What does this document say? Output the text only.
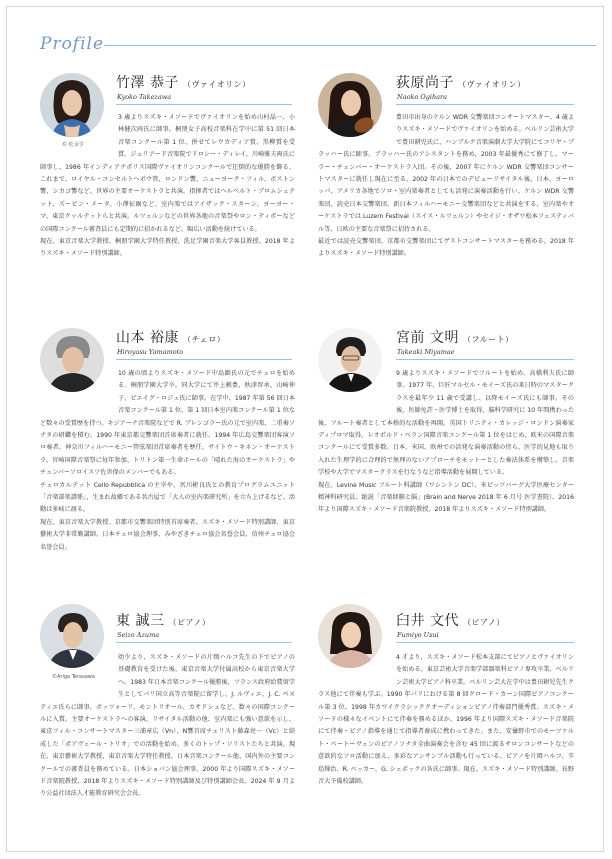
Profile
© 松永学
竹澤 恭子 （ヴァイオリン）
Kyoko Takezawa

3 歳よりスズキ・メソードでヴァイオリンを始め山村晶一、小林健次両氏に師事。桐朋女子高校音楽科在学中に第 51 回日本音楽コンクール第 1 位、併せてレウカディア賞、黒柳賞を受賞。ジュリアード音楽院でドロシー・ディレイ、川崎雅夫両氏に師事し、1986 年インディアナポリス国際ヴァイオリンコンクールで圧倒的な優勝を飾る。これまで、ロイヤル・コンセルトヘボウ管、ロンドン響、ニューヨーク・フィル、ボストン響、シカゴ響など、世界の主要オーケストラと共演。指揮者ではヘルベルト・ブロムシュテット、ズービン・メータ、小澤征爾など、室内楽ではアイザック・スターン、ヨーヨー・マ、東京クヮルテットらと共演。ルツェルンなどの世界各地の音楽祭やロン・ティボーなどの国際コンクール審査員にも定期的に招かれるなど、幅広い活動を続けている。

現在、東京音楽大学教授、桐朋学園大学特任教授、洗足学園音楽大学客員教授。2018 年よりスズキ・メソード特別講師。

荻原尚子 （ヴァイオリン）
Naoko Ogihara

豊田市出身のケルン WDR 交響楽団コンサートマスター。4 歳よりスズキ・メソードでヴァイオリンを始める。ベルリン芸術大学で豊田耕児氏に、ハンブルク音楽演劇大学大学院にてコリヤ・ブラッハー氏に師事。ブラッハー氏のアシスタントを務め、2003 年最優秀にて修了し、マーラー・チェンバー・オーケストラ入団。その後、2007 年にケルン WDR 交響楽団コンサートマスターに就任し現在に至る。2002 年の日本でのデビューリサイタル後、日本、ヨーロッパ、アメリカ各地でソロ・室内楽奏者としても活発に演奏活動を行い、ケルン WDR 交響楽団、読売日本交響楽団、新日本フィルハーモニー交響楽団などと共演をする。室内楽やオーケストラでは Luzern Festival（スイス・ルツェルン）やセイジ・オザワ松本フェスティバル等、日欧の主要な音楽祭に招待される。

最近では読売交響楽団、京都市交響楽団にてゲストコンサートマスターを務める。2018 年よりスズキ・メソード特別講師。

山本 裕康 （チェロ）
Hiroyasu Yamamoto

10 歳の頃よりスズキ・メソード中島顕氏の元でチェロを始める。桐朋学園大学卒。同大学にて井上頼豊、秋津智承、山崎伸子、ピエイグ・ロジェ氏に師事。在学中、1987 年第 56 回日本音楽コンクール第 1 位、第 1 回日本室内楽コンクール第 1 位など数々の受賞歴を持つ。キジアーナ音楽院などで R. ブレンゴラー氏の元で室内楽、二重奏ソナタの研鑽を積む。1990 年東京都交響楽団首席奏者に就任。1994 年広島交響楽団客演ソロ奏者、神奈川フィルハーモニー管弦楽団首席奏者を歴任。サイトウ・キネン・オーケストラ、宮崎国際音楽祭に毎年参加、トリトン第一生命ホールの「晴れた海のオーケストラ」やチェンバーソロイスツ佐世保のメンバーでもある。

チェロカルテット Cello Repubblica の主宰や、宮川彬良氏との教育プログラムユニット「音楽部楽譜係」、生まれ故郷である名古屋で「大人の室内楽研究所」を立ち上げるなど、活動は多岐に渡る。

現在、東京音楽大学教授、京都市交響楽団特別首席奏者、スズキ・メソード特別講師、東京藝術大学非常勤講師。日本チェロ協会理事、みやざきチェロ協会名誉会員、信州チェロ協会名誉会員。

宮前 文明 （フルート）
Takeaki Miyamae

9 歳よりスズキ・メソードでフルートを始め、高橋利夫氏に師事。1977 年、巨匠マルセル・モイーズ氏の来日時のマスタークラスを最年少 11 歳で受講し、以降モイーズ氏にも師事。その後、医師免許・医学博士を取得、脳科学研究に 10 年間携わった後、フルート奏者として本格的な活動を再開。英国トリニティ・カレッジ・ロンドン演奏家ディプロマ取得。レオポルド・ベラン国際音楽コンクール第 1 位をはじめ、欧米の国際音楽コンクールにて受賞多数。日本、米国、欧州での活発な演奏活動の傍ら、医学的見地も取り入れた生理学的に合理的で無理のないアプローチをモットーとした奏法体系を構築し、音楽学校や大学でマスタークラスを行なうなど指導活動を展開している。

現在、Levine Music フルート科講師（ワシントン DC）、米ピッツバーグ大学医療センター精神科研究員、総説「音楽経験と脳」(Brain and Nerve 2018 年 6 月号 医学書院）。2016 年より国際スズキ・メソード音楽院教授、2018 年よりスズキ・メソード特別講師。

©Ariga Terasawa
東 誠三 （ピアノ）
Seizo Azuma

幼少より、スズキ・メソードの片岡ハルコ先生の下でピアノの基礎教育を受けた後、東京音楽大学付属高校から東京音楽大学へ。1983 年日本音楽コンクール優勝後、フランス政府給費留学生としてパリ国立高等音楽院に留学し、J. ルヴィエ、J. C. ペヌティエ氏らに師事。ボッツォーリ、モントリオール、カサドシュなど、数々の国際コンクールに入賞。主要オーケストラへの客演、リサイタル活動の他、室内楽にも強い意欲を示し、東京フィル・コンサートマスター三浦章広（Vn）、N響首席チェリスト藤森亮一（Vc）と結成した「ボアヴェール・トリオ」での活動を始め、多くのトップ・ソリストたちと共演。現在、東京藝術大学教授、東京音楽大学特任教授、日本音楽コンクール他、国内外の主要コンクールでの審査員を務めている。日本ショパン協会理事。2000 年より国際スズキ・メソード音楽院教授、2018 年よりスズキ・メソード特別講師及び特別講師会長。2024 年 9 月より公益社団法人才能教育研究会会長。

臼井 文代 （ピアノ）
Fumiyo Usui

4 才より、スズキ・メソード松本支部にてピアノとヴァイオリンを始める。東京芸術大学音楽学部器楽科ピアノ専攻卒業。ベルリン芸術大学ピアノ科卒業。ベルリン芸大在学中は豊田耕児先生クラス他にて伴奏も学ぶ。1990 年パリにおける第 8 回クロード・カーン国際ピアノコンクール第 3 位。1998 年カワイクラシッククオーディションピアノ伴奏部門優秀賞。スズキ・メソードの様々なイベントにて伴奏を務めるほか、1996 年より国際スズキ・メソード音楽院にて伴奏・ピアノ指導を通じて指導者養成に携わってきた。また、安曇野市でのモーツァルト・ベートーヴェンのピアノソナタ全曲演奏会を含む 45 回に渡るサロンコンサートなどの意欲的なソロ活動に加え、多彩なアンサンブル活動も行っている。ピアノを片岡ハルコ、辛島輝治、R. ベッカー、G. シェボックの各氏に師事。現在、スズキ・メソード特別講師、長野音大予備校講師。
